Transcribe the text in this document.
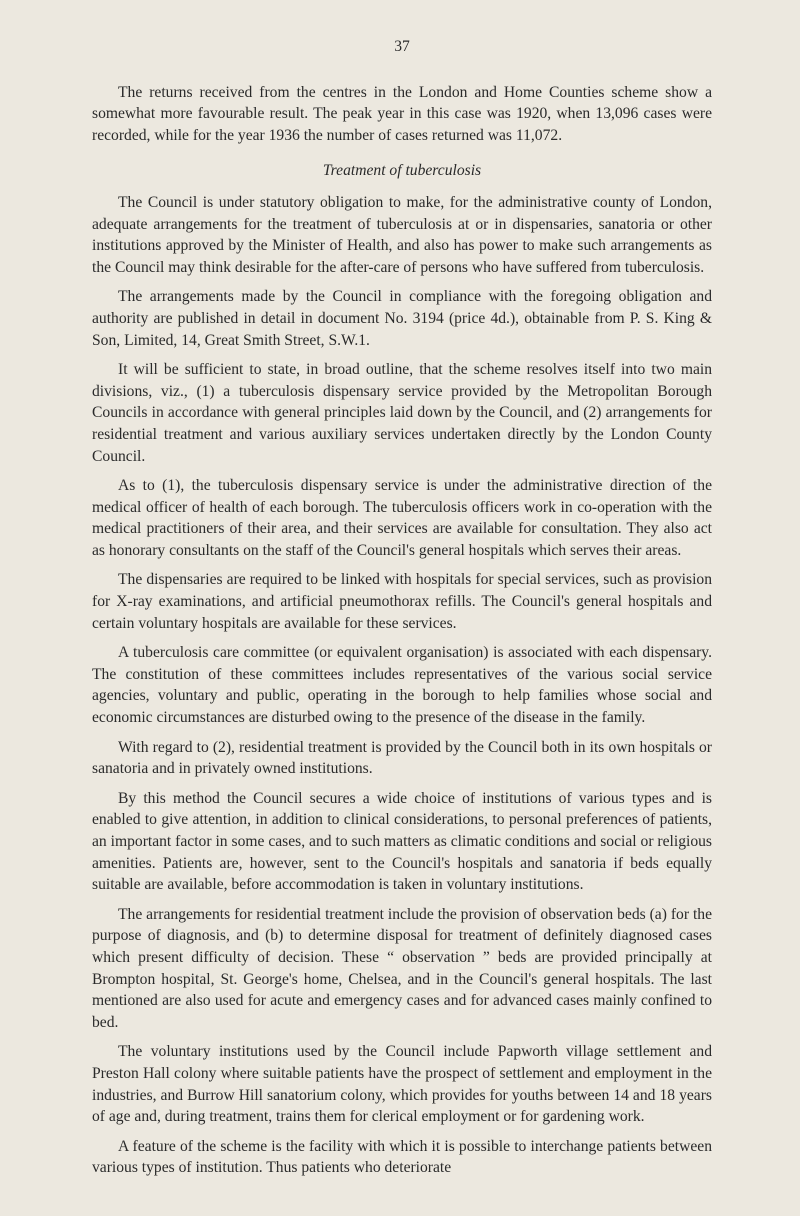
37

The returns received from the centres in the London and Home Counties scheme show a somewhat more favourable result. The peak year in this case was 1920, when 13,096 cases were recorded, while for the year 1936 the number of cases returned was 11,072.

Treatment of tuberculosis

The Council is under statutory obligation to make, for the administrative county of London, adequate arrangements for the treatment of tuberculosis at or in dispensaries, sanatoria or other institutions approved by the Minister of Health, and also has power to make such arrangements as the Council may think desirable for the after-care of persons who have suffered from tuberculosis.

The arrangements made by the Council in compliance with the foregoing obligation and authority are published in detail in document No. 3194 (price 4d.), obtainable from P. S. King & Son, Limited, 14, Great Smith Street, S.W.1.

It will be sufficient to state, in broad outline, that the scheme resolves itself into two main divisions, viz., (1) a tuberculosis dispensary service provided by the Metropolitan Borough Councils in accordance with general principles laid down by the Council, and (2) arrangements for residential treatment and various auxiliary services undertaken directly by the London County Council.

As to (1), the tuberculosis dispensary service is under the administrative direction of the medical officer of health of each borough. The tuberculosis officers work in co-operation with the medical practitioners of their area, and their services are available for consultation. They also act as honorary consultants on the staff of the Council's general hospitals which serves their areas.

The dispensaries are required to be linked with hospitals for special services, such as provision for X-ray examinations, and artificial pneumothorax refills. The Council's general hospitals and certain voluntary hospitals are available for these services.

A tuberculosis care committee (or equivalent organisation) is associated with each dispensary. The constitution of these committees includes representatives of the various social service agencies, voluntary and public, operating in the borough to help families whose social and economic circumstances are disturbed owing to the presence of the disease in the family.

With regard to (2), residential treatment is provided by the Council both in its own hospitals or sanatoria and in privately owned institutions.

By this method the Council secures a wide choice of institutions of various types and is enabled to give attention, in addition to clinical considerations, to personal preferences of patients, an important factor in some cases, and to such matters as climatic conditions and social or religious amenities. Patients are, however, sent to the Council's hospitals and sanatoria if beds equally suitable are available, before accommodation is taken in voluntary institutions.

The arrangements for residential treatment include the provision of observation beds (a) for the purpose of diagnosis, and (b) to determine disposal for treatment of definitely diagnosed cases which present difficulty of decision. These “ observation ” beds are provided principally at Brompton hospital, St. George's home, Chelsea, and in the Council's general hospitals. The last mentioned are also used for acute and emergency cases and for advanced cases mainly confined to bed.

The voluntary institutions used by the Council include Papworth village settlement and Preston Hall colony where suitable patients have the prospect of settlement and employment in the industries, and Burrow Hill sanatorium colony, which provides for youths between 14 and 18 years of age and, during treatment, trains them for clerical employment or for gardening work.

A feature of the scheme is the facility with which it is possible to interchange patients between various types of institution. Thus patients who deteriorate
